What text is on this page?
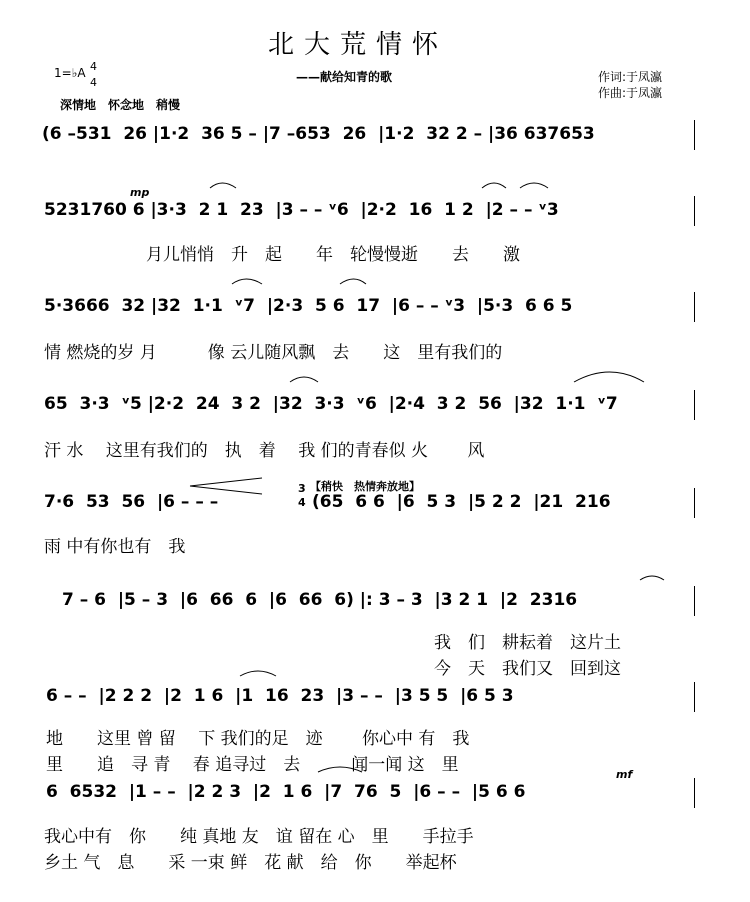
北大荒情怀
1=♭A 4
4	——献给知青的歌	作词:于凤瀛
作曲:于凤瀛
深情地　怀念地　稍慢
(6 –531  26 |1·2  36 5 – |7 –653  26  |1·2  32 2 – |36 637653
mp
5231760 6 |3·3  2 1  23  |3 – – ᵛ6  |2·2  16  1 2  |2 – – ᵛ3
月儿悄悄　升　起　　年　轮慢慢逝　　去　　激
5·3666  32 |32  1·1  ᵛ7  |2·3  5 6  17  |6 – – ᵛ3  |5·3  6 6 5
情 燃烧的岁 月　　　像 云儿随风飘　去　　这　里有我们的
65  3·3  ᵛ5 |2·2  24  3 2  |32  3·3  ᵛ6  |2·4  3 2  56  |32  1·1  ᵛ7
汗 水　 这里有我们的　执　着　 我 们的青春似 火　　 风
7·6  53  56  |6 – – –
3
4
【稍快　热情奔放地】
(65  6 6  |6  5 3  |5 2 2  |21  216
雨 中有你也有　我
7 – 6  |5 – 3  |6  66  6  |6  66  6) |: 3 – 3  |3 2 1  |2  2316
我　们　耕耘着　这片土
今　天　我们又　回到这
6 – –  |2 2 2  |2  1 6  |1  16  23  |3 – –  |3 5 5  |6 5 3
地　　这里 曾 留　 下 我们的足　迹　　 你心中 有　我
里　　追　寻 青　 春 追寻过　去　　　闻一闻 这　里	mf
6  6532  |1 – –  |2 2 3  |2  1 6  |7  76  5  |6 – –  |5 6 6
我心中有　你　　纯 真地 友　谊 留在 心　里　　手拉手
乡土 气　息　　采 一束 鲜　花 献　给　你　　举起杯
